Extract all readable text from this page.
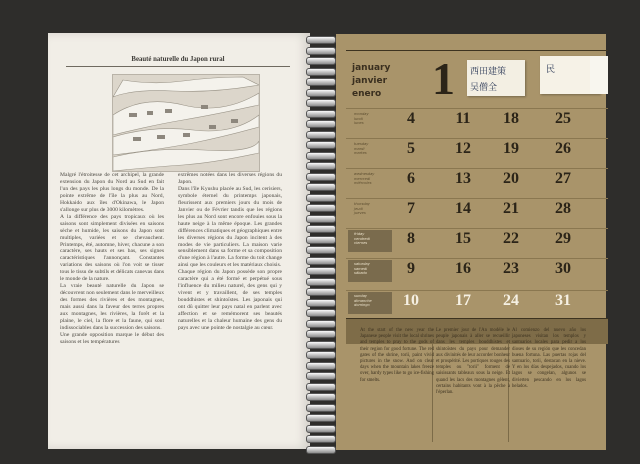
Beauté naturelle du Japon rural
Malgré l'étroitesse de cet archipel, la grande extension du Japon du Nord au Sud en fait l'un des pays les plus longs du monde. De la pointe extrême de l'île la plus au Nord, Hokkaido aux îles d'Okinawa, le Japon s'allonge sur plus de 3000 kilomètres.
A la différence des pays tropicaux où les saisons sont simplement divisées en saisons sèche et humide, les saisons du Japon sont multiples, variées et se chevauchent. Printemps, été, automne, hiver, chacune a son caractère, ses hauts et ses bas, ses signes caractéristiques l'annonçant. Constantes variations des saisons où l'on voit se tisser tous le tissu de subtils et délicats canevas dans le monde de la nature.
La vraie beauté naturelle du Japon se découvrent non seulement dans le merveilleux des formes des rivières et des montagnes, mais aussi dans la faveur des terres propres aux montagnes, les rivières, la forêt et la plaine, le ciel, la flore et la faune, qui sont indissociables dans la succession des saisons.
Une grande opposition marque le début des saisons et les températures
extrêmes notées dans les diverses régions du Japon.
Dans l'île Kyushu placée au Sud, les cerisiers, symbole éternel du printemps japonais, fleurissent aux premiers jours du mois de Janvier ou de Février tandis que les régions les plus au Nord sont encore enfouies sous la haute neige à la même époque. Les grandes différences climatiques et géographiques entre les diverses régions du Japon incitent à des modes de vie particuliers. La maison varie sensiblement dans sa forme et sa composition d'une région à l'autre. La forme du toit change ainsi que les couleurs et les matériaux choisis.
Chaque région du Japon possède son propre caractère qui a été formé et perpétué sous l'influence du milieu naturel, des gens qui y vivent et y travaillent, de ses temples bouddhistes et shintoïstes. Les japonais qui ont dû quitter leur pays natal en parlent avec affection et se remémorent ses beautés naturelles et la chaleur humaine des gens du pays avec une pointe de nostalgie au cœur.
january
janvier
enero 1 西田建策	民
吴僧全
monday
lundi
lunes	4	11	18	25
tuesday
mardi
martes	5	12	19	26
wednesday
mercredi
miércoles	6	13	20	27
thursday
jeudi
jueves	7	14	21	28
friday
vendredi
viernes	8	15	22	29
saturday
samedi
sábado	9	16	23	30
sunday
dimanche
domingo	10	17	24	31
At the start of the new year the Japanese people visit the local shrines and temples to pray to the gods of their region for good fortune. The red gates of the shrine, torii, paint vivid pictures in the snow. And on clear days when the mountain lakes freeze over, hardy types like to go ice-fishing for smelts.
Le premier jour de l'An modèle le peuple japonais à aller se recueillir dans les temples bouddhistes et shintoïstes du pays pour demander aux divinités de leur accorder bonheur et prospérité. Les portiques rouges des temples ou "torii" forment de saisissants tableaux sous la neige. Et quand les lacs des montagnes gèlent, certains habitants vont à la pêche à l'éperlan.
Al comienzo del nuevo año los japoneses visitan los templos y santuarios locales para pedir a los dioses de su región que les concedan buena fortuna. Las puertas rojas del santuario, torii, destacan en la nieve. Y en los días despejados, cuando los lagos se congelan, algunos se divierten pescando en los lagos helados.
